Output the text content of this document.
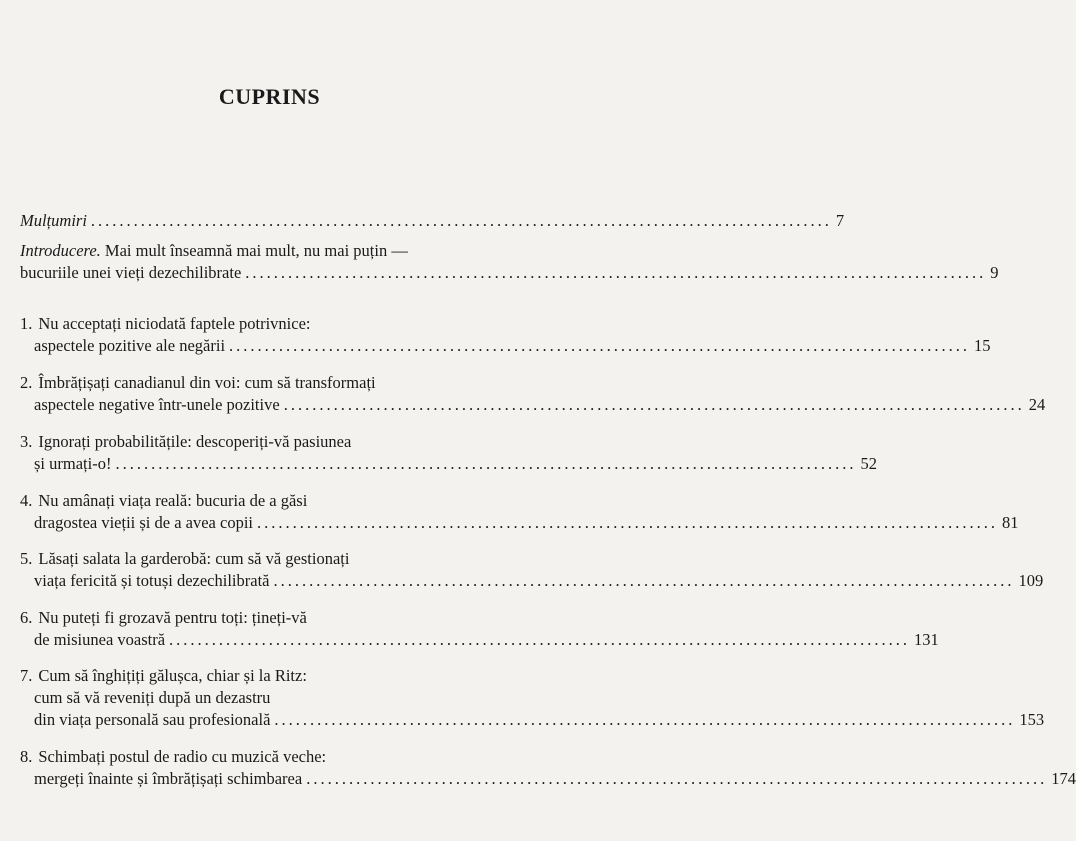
CUPRINS
Mulțumiri ........................................................................................................ 7
Introducere.
Mai mult înseamnă mai mult, nu mai puțin —
bucuriile unei vieți dezechilibrate ........................................................................................................ 9
1. Nu acceptați niciodată faptele potrivnice:
aspectele pozitive ale negării ........................................................................................................ 15
2. Îmbrățișați canadianul din voi: cum să transformați
aspectele negative într-unele pozitive ........................................................................................................ 24
3. Ignorați probabilitățile: descoperiți-vă pasiunea
și urmați-o! ........................................................................................................ 52
4. Nu amânați viața reală: bucuria de a găsi
dragostea vieții și de a avea copii ........................................................................................................ 81
5. Lăsați salata la garderobă: cum să vă gestionați
viața fericită și totuși dezechilibrată ........................................................................................................ 109
6. Nu puteți fi grozavă pentru toți: țineți-vă
de misiunea voastră ........................................................................................................ 131
7. Cum să înghițiți gălușca, chiar și la Ritz:
cum să vă reveniți după un dezastru
din viața personală sau profesională ........................................................................................................ 153
8. Schimbați postul de radio cu muzică veche:
mergeți înainte și îmbrățișați schimbarea ........................................................................................................ 174
